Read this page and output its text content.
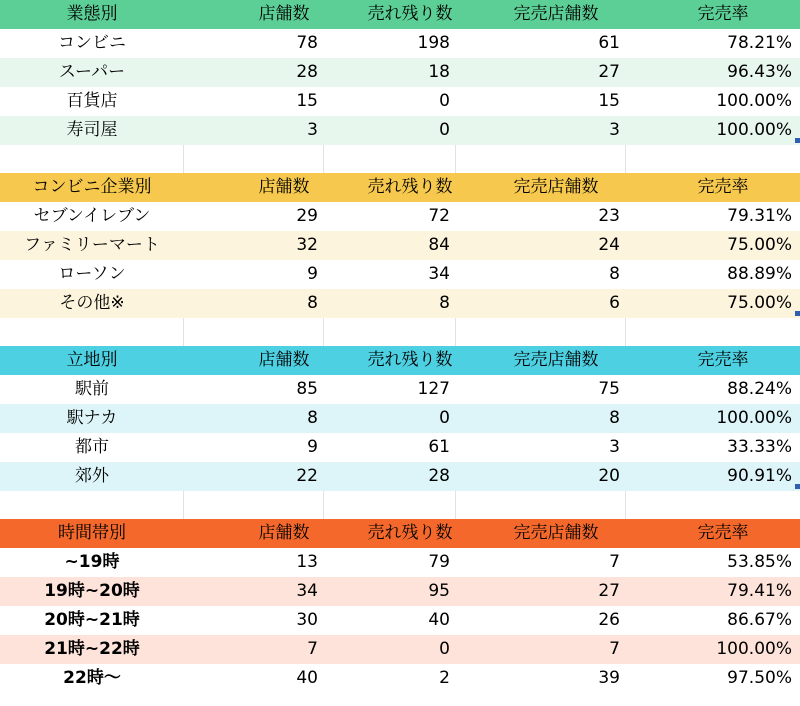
業態別	店舗数	売れ残り数	完売店舗数	完売率
コンビニ	78	198	61	78.21%
スーパー	28	18	27	96.43%
百貨店	15	0	15	100.00%
寿司屋	3	0	3	100.00%
コンビニ企業別	店舗数	売れ残り数	完売店舗数	完売率
セブンイレブン	29	72	23	79.31%
ファミリーマート	32	84	24	75.00%
ローソン	9	34	8	88.89%
その他※	8	8	6	75.00%
立地別	店舗数	売れ残り数	完売店舗数	完売率
駅前	85	127	75	88.24%
駅ナカ	8	0	8	100.00%
都市	9	61	3	33.33%
郊外	22	28	20	90.91%
時間帯別	店舗数	売れ残り数	完売店舗数	完売率
~19時	13	79	7	53.85%
19時~20時	34	95	27	79.41%
20時~21時	30	40	26	86.67%
21時~22時	7	0	7	100.00%
22時～	40	2	39	97.50%
